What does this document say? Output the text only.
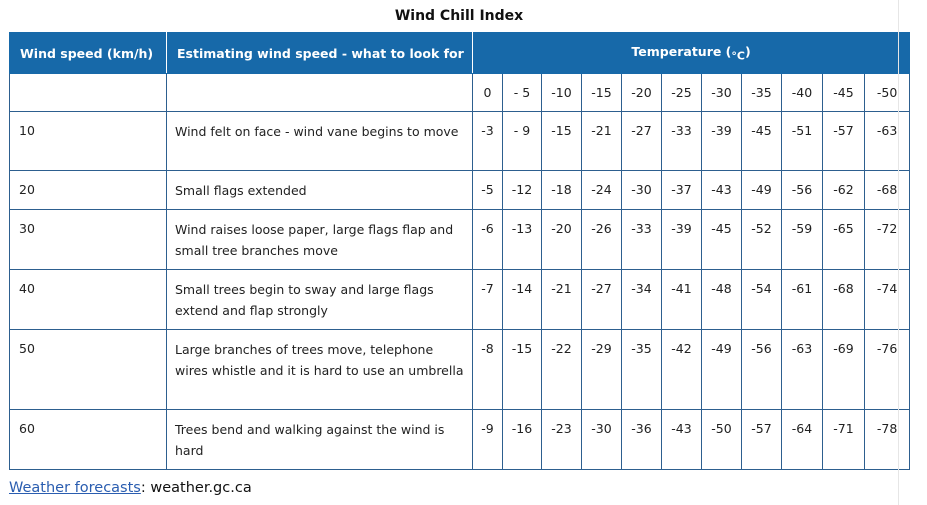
Wind Chill Index
Wind speed (km/h)	Estimating wind speed - what to look for	Temperature $(_{^\circ C})$										
		0	- 5	-10	-15	-20	-25	-30	-35	-40	-45	-50
10	Wind felt on face - wind vane begins to move	-3	- 9	-15	-21	-27	-33	-39	-45	-51	-57	-63
20	Small flags extended	-5	-12	-18	-24	-30	-37	-43	-49	-56	-62	-68
30	Wind raises loose paper, large flags flap and small tree branches move	-6	-13	-20	-26	-33	-39	-45	-52	-59	-65	-72
40	Small trees begin to sway and large flags extend and flap strongly	-7	-14	-21	-27	-34	-41	-48	-54	-61	-68	-74
50	Large branches of trees move, telephone wires whistle and it is hard to use an umbrella	-8	-15	-22	-29	-35	-42	-49	-56	-63	-69	-76
60	Trees bend and walking against the wind is hard	-9	-16	-23	-30	-36	-43	-50	-57	-64	-71	-78
Weather forecasts: weather.gc.ca
